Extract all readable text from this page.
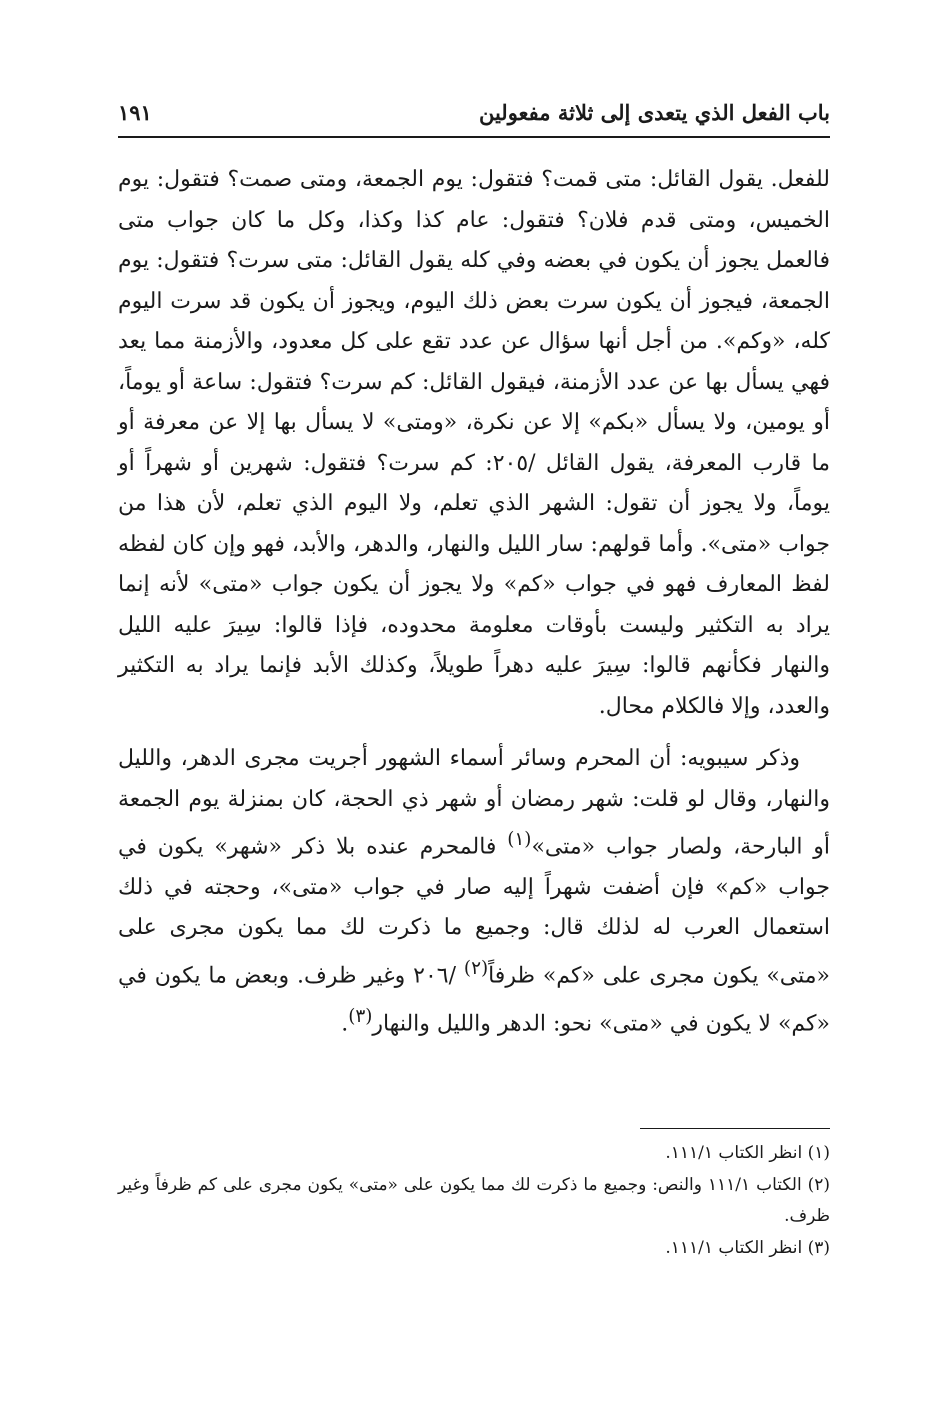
باب الفعل الذي يتعدى إلى ثلاثة مفعولين
١٩١

للفعل. يقول القائل: متى قمت؟ فتقول: يوم الجمعة، ومتى صمت؟ فتقول: يوم الخميس، ومتى قدم فلان؟ فتقول: عام كذا وكذا، وكل ما كان جواب متى فالعمل يجوز أن يكون في بعضه وفي كله يقول القائل: متى سرت؟ فتقول: يوم الجمعة، فيجوز أن يكون سرت بعض ذلك اليوم، ويجوز أن يكون قد سرت اليوم كله، «وكم». من أجل أنها سؤال عن عدد تقع على كل معدود، والأزمنة مما يعد فهي يسأل بها عن عدد الأزمنة، فيقول القائل: كم سرت؟ فتقول: ساعة أو يوماً، أو يومين، ولا يسأل «بكم» إلا عن نكرة، «ومتى» لا يسأل بها إلا عن معرفة أو ما قارب المعرفة، يقول القائل /٢٠٥: كم سرت؟ فتقول: شهرين أو شهراً أو يوماً، ولا يجوز أن تقول: الشهر الذي تعلم، ولا اليوم الذي تعلم، لأن هذا من جواب «متى». وأما قولهم: سار الليل والنهار، والدهر، والأبد، فهو وإن كان لفظه لفظ المعارف فهو في جواب «كم» ولا يجوز أن يكون جواب «متى» لأنه إنما يراد به التكثير وليست بأوقات معلومة محدوده، فإذا قالوا: سِيرَ عليه الليل والنهار فكأنهم قالوا: سِيرَ عليه دهراً طويلاً، وكذلك الأبد فإنما يراد به التكثير والعدد، وإلا فالكلام محال.

وذكر سيبويه: أن المحرم وسائر أسماء الشهور أجريت مجرى الدهر، والليل والنهار، وقال لو قلت: شهر رمضان أو شهر ذي الحجة، كان بمنزلة يوم الجمعة أو البارحة، ولصار جواب «متى»$^{(١)}$ فالمحرم عنده بلا ذكر «شهر» يكون في جواب «كم» فإن أضفت شهراً إليه صار في جواب «متى»، وحجته في ذلك استعمال العرب له لذلك قال: وجميع ما ذكرت لك مما يكون مجرى على «متى» يكون مجرى على «كم» ظرفاً$^{(٢)}$ /٢٠٦ وغير ظرف. وبعض ما يكون في «كم» لا يكون في «متى» نحو: الدهر والليل والنهار$^{(٣)}$.

(١) انظر الكتاب ١١١/١.

(٢) الكتاب ١١١/١ والنص: وجميع ما ذكرت لك مما يكون على «متى» يكون مجرى على كم ظرفاً وغير ظرف.

(٣) انظر الكتاب ١١١/١.
